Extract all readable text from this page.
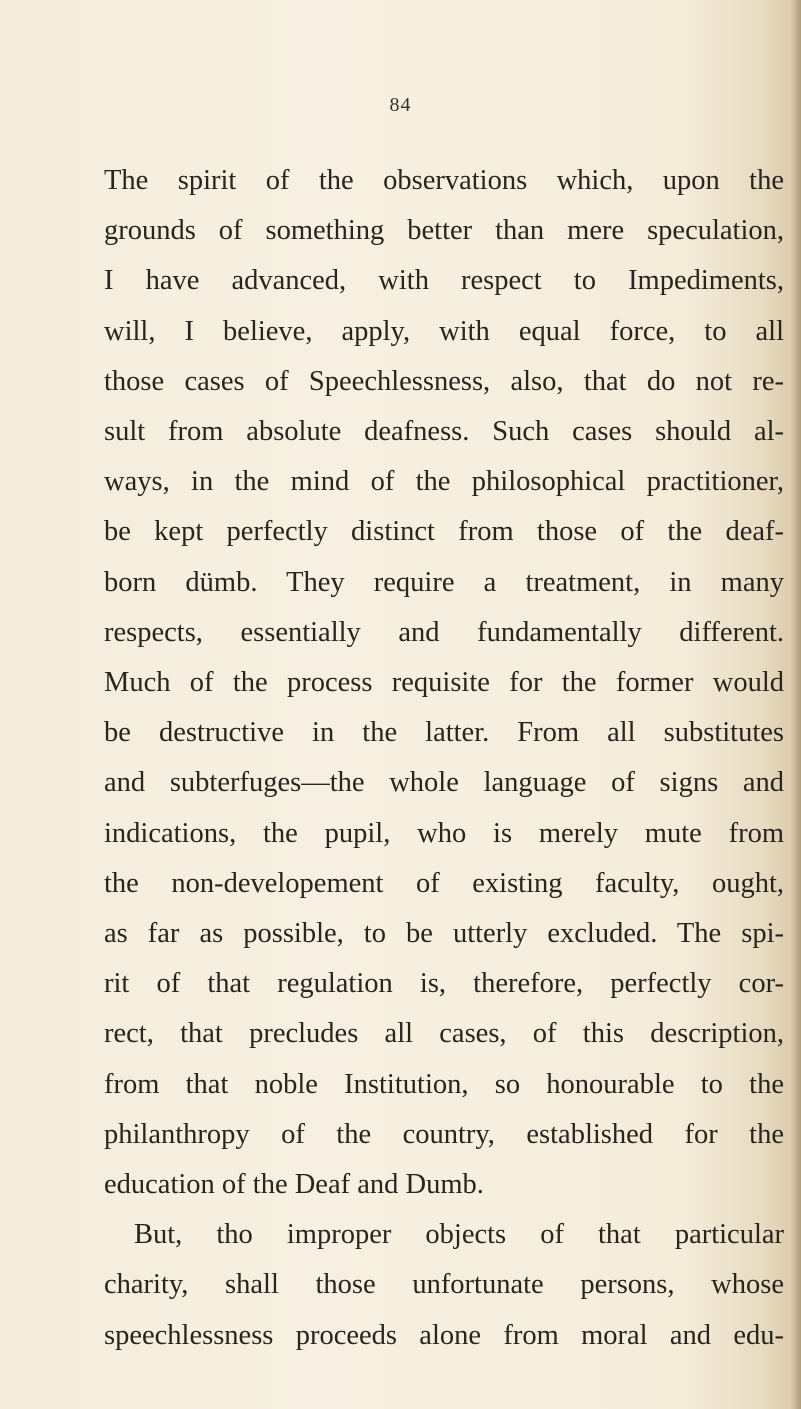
84
The spirit of the observations which, upon the
grounds of something better than mere speculation,
I have advanced, with respect to Impediments,
will, I believe, apply, with equal force, to all
those cases of Speechlessness, also, that do not re-
sult from absolute deafness. Such cases should al-
ways, in the mind of the philosophical practitioner,
be kept perfectly distinct from those of the deaf-
born dümb. They require a treatment, in many
respects, essentially and fundamentally different.
Much of the process requisite for the former would
be destructive in the latter. From all substitutes
and subterfuges—the whole language of signs and
indications, the pupil, who is merely mute from
the non-developement of existing faculty, ought,
as far as possible, to be utterly excluded. The spi-
rit of that regulation is, therefore, perfectly cor-
rect, that precludes all cases, of this description,
from that noble Institution, so honourable to the
philanthropy of the country, established for the
education of the Deaf and Dumb.
But, tho improper objects of that particular
charity, shall those unfortunate persons, whose
speechlessness proceeds alone from moral and edu-
